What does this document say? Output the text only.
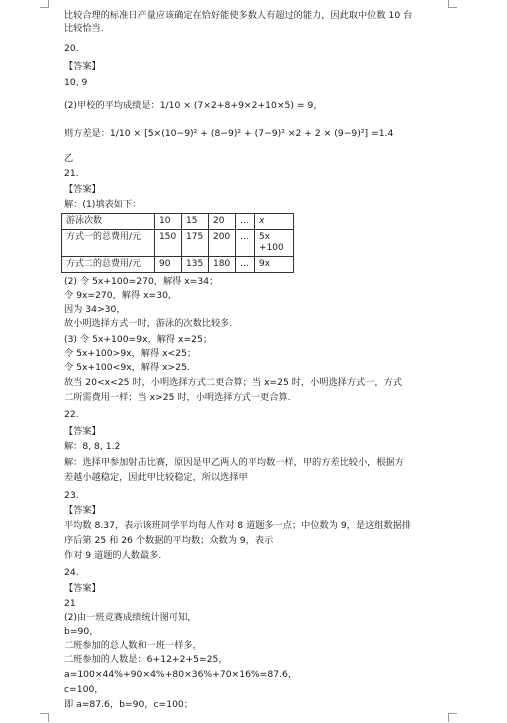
比较合理的标准日产量应该确定在恰好能使多数人有超过的能力，因此取中位数 10 台
比较恰当.
20.
【答案】
10, 9
(2)甲校的平均成绩是：1/10 × (7×2+8+9×2+10×5) = 9，
则方差是：1/10 × [5×(10−9)² + (8−9)² + (7−9)² ×2 + 2 × (9−9)²] =1.4
乙
21.
【答案】
解：(1)填表如下：
游泳次数	10	15	20	…	x
方式一的总费用/元	150	175	200	…	5x
+100

方式二的总费用/元	90	135	180	…	9x
(2) 令 5x+100=270，解得 x=34；
令 9x=270，解得 x=30，
因为 34>30，
故小明选择方式一时，游泳的次数比较多.
(3) 令 5x+100=9x，解得 x=25；
令 5x+100>9x，解得 x<25；
令 5x+100<9x，解得 x>25.
故当 20<x<25 时，小明选择方式二更合算；当 x=25 时，小明选择方式一，方式
二所需费用一样；当 x>25 时，小明选择方式一更合算.
22.
【答案】
解：8, 8, 1.2
解：选择甲参加射击比赛，原因是甲乙两人的平均数一样，甲的方差比较小，根据方
差越小越稳定，因此甲比较稳定，所以选择甲
23.
【答案】
平均数 8.37，表示该班同学平均每人作对 8 道题多一点；中位数为 9，是这组数据排
序后第 25 和 26 个数据的平均数；众数为 9，表示
作对 9 道题的人数最多.
24.
【答案】
21
(2)由一班竞赛成绩统计图可知，
b=90，
二班参加的总人数和一班一样多，
二班参加的人数是：6+12+2+5=25，
a=100×44%+90×4%+80×36%+70×16%=87.6，
c=100，
即 a=87.6，b=90，c=100；
